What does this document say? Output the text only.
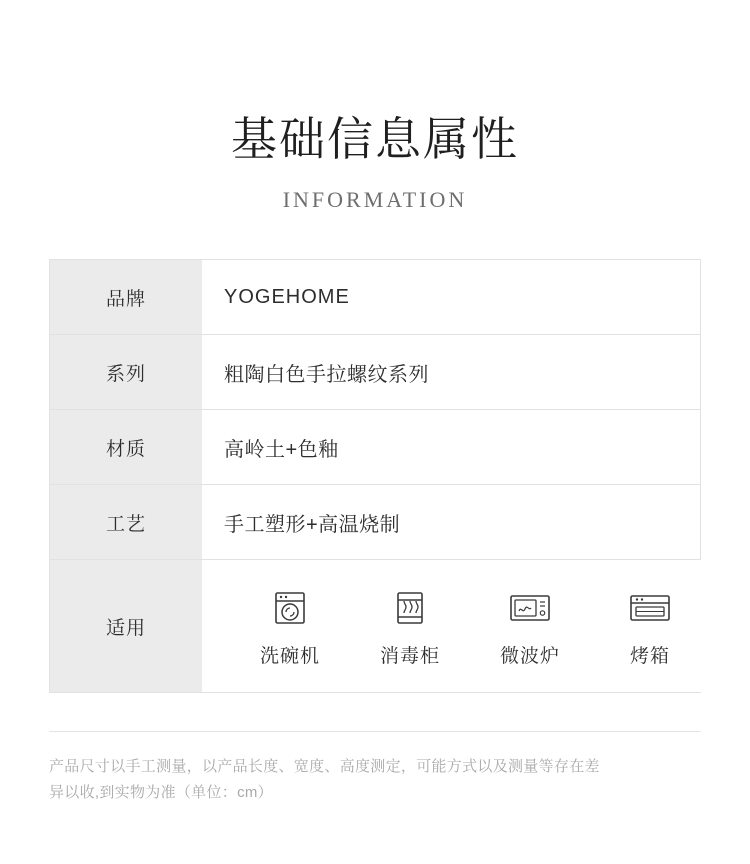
基础信息属性
INFORMATION
品牌	YOGEHOME
系列	粗陶白色手拉螺纹系列
材质	高岭土+色釉
工艺	手工塑形+高温烧制
适用
洗碗机	消毒柜	微波炉	烤箱
产品尺寸以手工测量，以产品长度、宽度、高度测定，可能方式以及测量等存在差
异以收,到实物为准（单位：cm）
